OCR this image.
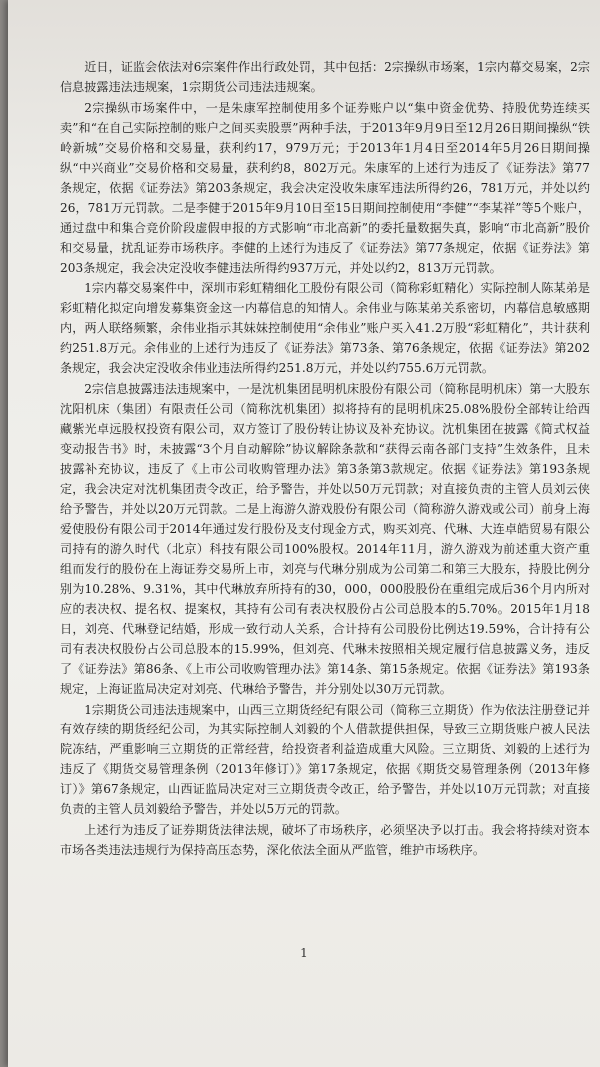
近日，证监会依法对6宗案件作出行政处罚，其中包括：2宗操纵市场案，1宗内幕交易案，2宗信息披露违法违规案，1宗期货公司违法违规案。

2宗操纵市场案件中，一是朱康军控制使用多个证券账户以“集中资金优势、持股优势连续买卖”和“在自己实际控制的账户之间买卖股票”两种手法，于2013年9月9日至12月26日期间操纵“铁岭新城”交易价格和交易量，获利约17，979万元；于2013年1月4日至2014年5月26日期间操纵“中兴商业”交易价格和交易量，获利约8，802万元。朱康军的上述行为违反了《证券法》第77条规定，依据《证券法》第203条规定，我会决定没收朱康军违法所得约26，781万元，并处以约26，781万元罚款。二是李健于2015年9月10日至15日期间控制使用“李健”“李某祥”等5个账户，通过盘中和集合竞价阶段虚假申报的方式影响“市北高新”的委托量数据失真，影响“市北高新”股价和交易量，扰乱证券市场秩序。李健的上述行为违反了《证券法》第77条规定，依据《证券法》第203条规定，我会决定没收李健违法所得约937万元，并处以约2，813万元罚款。

1宗内幕交易案件中，深圳市彩虹精细化工股份有限公司（简称彩虹精化）实际控制人陈某弟是彩虹精化拟定向增发募集资金这一内幕信息的知情人。余伟业与陈某弟关系密切，内幕信息敏感期内，两人联络频繁，余伟业指示其妹妹控制使用“余伟业”账户买入41.2万股“彩虹精化”，共计获利约251.8万元。余伟业的上述行为违反了《证券法》第73条、第76条规定，依据《证券法》第202条规定，我会决定没收余伟业违法所得约251.8万元，并处以约755.6万元罚款。

2宗信息披露违法违规案中，一是沈机集团昆明机床股份有限公司（简称昆明机床）第一大股东沈阳机床（集团）有限责任公司（简称沈机集团）拟将持有的昆明机床25.08%股份全部转让给西藏紫光卓远股权投资有限公司，双方签订了股份转让协议及补充协议。沈机集团在披露《简式权益变动报告书》时，未披露“3个月自动解除”协议解除条款和“获得云南各部门支持”生效条件，且未披露补充协议，违反了《上市公司收购管理办法》第3条第3款规定。依据《证券法》第193条规定，我会决定对沈机集团责令改正，给予警告，并处以50万元罚款；对直接负责的主管人员刘云侠给予警告，并处以20万元罚款。二是上海游久游戏股份有限公司（简称游久游戏或公司）前身上海爱使股份有限公司于2014年通过发行股份及支付现金方式，购买刘亮、代琳、大连卓皓贸易有限公司持有的游久时代（北京）科技有限公司100%股权。2014年11月，游久游戏为前述重大资产重组而发行的股份在上海证券交易所上市，刘亮与代琳分别成为公司第二和第三大股东，持股比例分别为10.28%、9.31%，其中代琳放弃所持有的30，000，000股股份在重组完成后36个月内所对应的表决权、提名权、提案权，其持有公司有表决权股份占公司总股本的5.70%。2015年1月18日，刘亮、代琳登记结婚，形成一致行动人关系，合计持有公司股份比例达19.59%，合计持有公司有表决权股份占公司总股本的15.99%，但刘亮、代琳未按照相关规定履行信息披露义务，违反了《证券法》第86条、《上市公司收购管理办法》第14条、第15条规定。依据《证券法》第193条规定，上海证监局决定对刘亮、代琳给予警告，并分别处以30万元罚款。

1宗期货公司违法违规案中，山西三立期货经纪有限公司（简称三立期货）作为依法注册登记并有效存续的期货经纪公司，为其实际控制人刘毅的个人借款提供担保，导致三立期货账户被人民法院冻结，严重影响三立期货的正常经营，给投资者利益造成重大风险。三立期货、刘毅的上述行为违反了《期货交易管理条例（2013年修订）》第17条规定，依据《期货交易管理条例（2013年修订）》第67条规定，山西证监局决定对三立期货责令改正，给予警告，并处以10万元罚款；对直接负责的主管人员刘毅给予警告，并处以5万元的罚款。

上述行为违反了证券期货法律法规，破坏了市场秩序，必须坚决予以打击。我会将持续对资本市场各类违法违规行为保持高压态势，深化依法全面从严监管，维护市场秩序。

1
